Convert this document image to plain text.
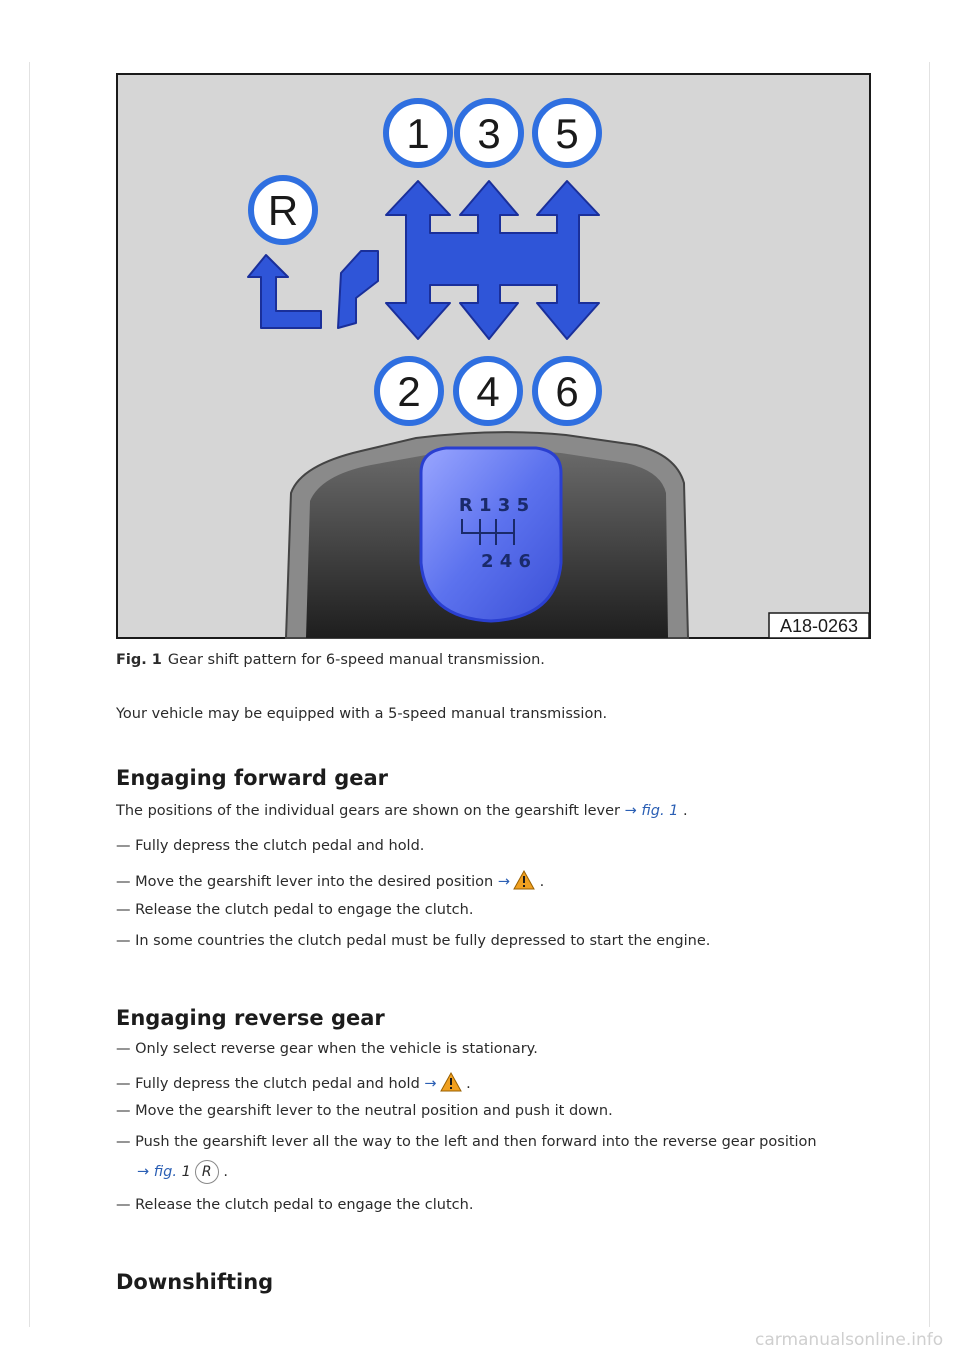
R 1 3 5
2 4 6
1 3 5
R
2 4 6
A18-0263
Fig. 1 Gear shift pattern for 6-speed manual transmission.
Your vehicle may be equipped with a 5-speed manual transmission.
Engaging forward gear
The positions of the individual gears are shown on the gearshift lever → fig. 1 .
— Fully depress the clutch pedal and hold.
— Move the gearshift lever into the desired position → .
— Release the clutch pedal to engage the clutch.
— In some countries the clutch pedal must be fully depressed to start the engine.
Engaging reverse gear
— Only select reverse gear when the vehicle is stationary.
— Fully depress the clutch pedal and hold → .
— Move the gearshift lever to the neutral position and push it down.
— Push the gearshift lever all the way to the left and then forward into the reverse gear position
→ fig. 1 R .
— Release the clutch pedal to engage the clutch.
Downshifting
carmanualsonline.info
